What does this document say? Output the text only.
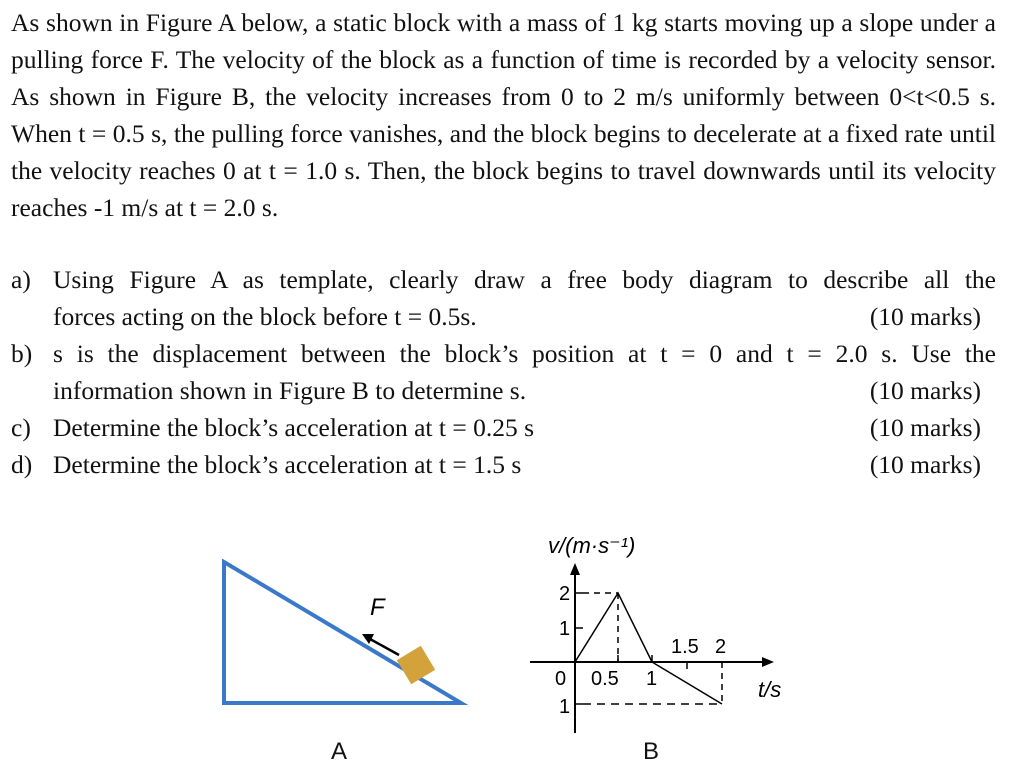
As shown in Figure A below, a static block with a mass of 1 kg starts moving up a slope under a pulling force F. The velocity of the block as a function of time is recorded by a velocity sensor. As shown in Figure B, the velocity increases from 0 to 2 m/s uniformly between 0<t<0.5 s. When t = 0.5 s, the pulling force vanishes, and the block begins to decelerate at a fixed rate until the velocity reaches 0 at t = 1.0 s. Then, the block begins to travel downwards until its velocity reaches -1 m/s at t = 2.0 s.
a) Using Figure A as template, clearly draw a free body diagram to describe all the
forces acting on the block before t = 0.5s.	(10 marks)
b) s is the displacement between the block’s position at t = 0 and t = 2.0 s. Use the
information shown in Figure B to determine s.	(10 marks)
c) Determine the block’s acceleration at t = 0.25 s	(10 marks)
d) Determine the block’s acceleration at t = 1.5 s	(10 marks)
F
A
v/(m·s⁻¹)
2
1
0
1
0.5 1
1.5 2
t/s
B
